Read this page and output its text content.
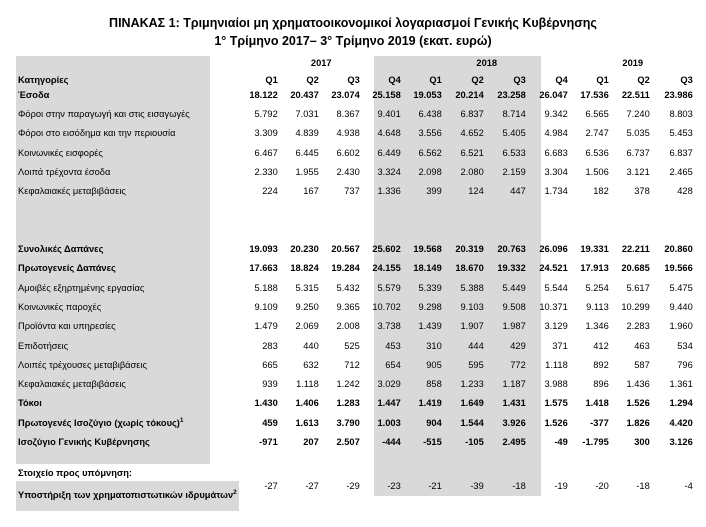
ΠΙΝΑΚΑΣ 1: Τριμηνιαίοι μη χρηματοοικονομικοί λογαριασμοί Γενικής Κυβέρνησης
1° Τρίμηνο 2017– 3° Τρίμηνο 2019 (εκατ. ευρώ)
	2017				2018				2019		
Κατηγορίες	Q1	Q2	Q3	Q4	Q1	Q2	Q3	Q4	Q1	Q2	Q3
Έσοδα	18.122	20.437	23.074	25.158	19.053	20.214	23.258	26.047	17.536	22.511	23.986
Φόροι στην παραγωγή και στις εισαγωγές	5.792	7.031	8.367	9.401	6.438	6.837	8.714	9.342	6.565	7.240	8.803
Φόροι στο εισόδημα και την περιουσία	3.309	4.839	4.938	4.648	3.556	4.652	5.405	4.984	2.747	5.035	5.453
Κοινωνικές εισφορές	6.467	6.445	6.602	6.449	6.562	6.521	6.533	6.683	6.536	6.737	6.837
Λοιπά τρέχοντα έσοδα	2.330	1.955	2.430	3.324	2.098	2.080	2.159	3.304	1.506	3.121	2.465
Κεφαλαιακές μεταβιβάσεις	224	167	737	1.336	399	124	447	1.734	182	378	428

Συνολικές Δαπάνες	19.093	20.230	20.567	25.602	19.568	20.319	20.763	26.096	19.331	22.211	20.860
Πρωτογενείς Δαπάνες	17.663	18.824	19.284	24.155	18.149	18.670	19.332	24.521	17.913	20.685	19.566
Αμοιβές εξηρτημένης εργασίας	5.188	5.315	5.432	5.579	5.339	5.388	5.449	5.544	5.254	5.617	5.475
Κοινωνικές παροχές	9.109	9.250	9.365	10.702	9.298	9.103	9.508	10.371	9.113	10.299	9.440
Προϊόντα και υπηρεσίες	1.479	2.069	2.008	3.738	1.439	1.907	1.987	3.129	1.346	2.283	1.960
Επιδοτήσεις	283	440	525	453	310	444	429	371	412	463	534
Λοιπές τρέχουσες μεταβιβάσεις	665	632	712	654	905	595	772	1.118	892	587	796
Κεφαλαιακές μεταβιβάσεις	939	1.118	1.242	3.029	858	1.233	1.187	3.988	896	1.436	1.361
Τόκοι	1.430	1.406	1.283	1.447	1.419	1.649	1.431	1.575	1.418	1.526	1.294
Πρωτογενές Ισοζύγιο (χωρίς τόκους)$^1$	459	1.613	3.790	1.003	904	1.544	3.926	1.526	-377	1.826	4.420
Ισοζύγιο Γενικής Κυβέρνησης	-971	207	2.507	-444	-515	-105	2.495	-49	-1.795	300	3.126

Στοιχείο προς υπόμνηση:											
Υποστήριξη των χρηματοπιστωτικών ιδρυμάτων$^2$	-27	-27	-29	-23	-21	-39	-18	-19	-20	-18	-4
